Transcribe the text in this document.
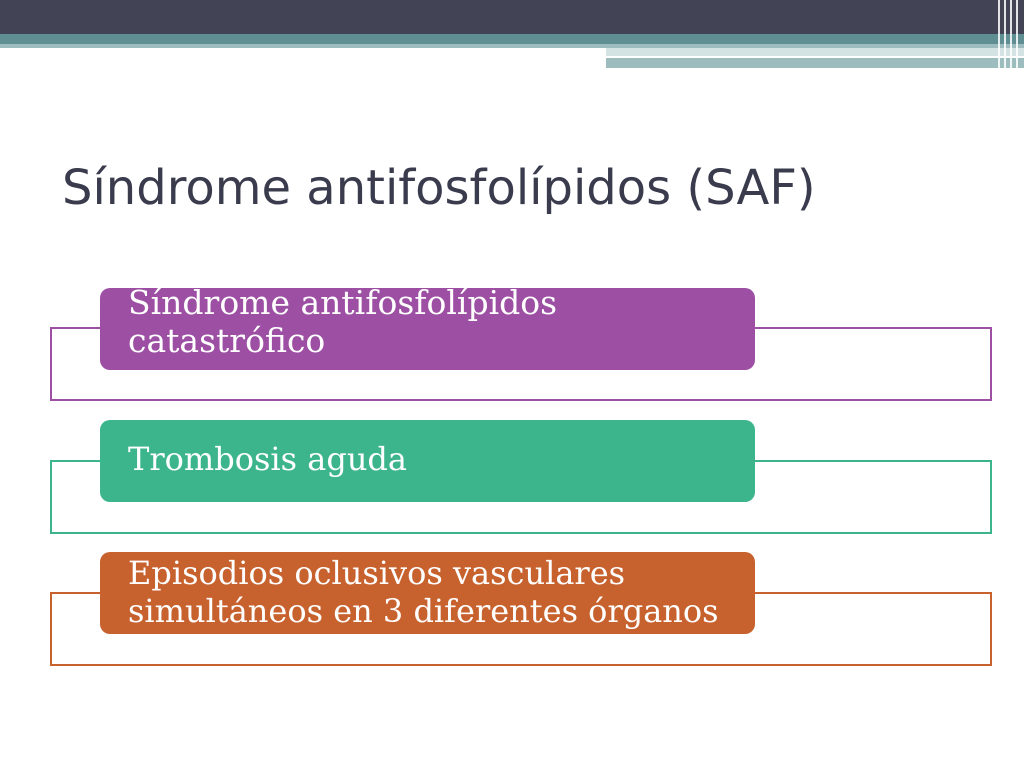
Síndrome antifosfolípidos (SAF)
Síndrome antifosfolípidos
catastrófico
Trombosis aguda
Episodios oclusivos vasculares
simultáneos en 3 diferentes órganos
